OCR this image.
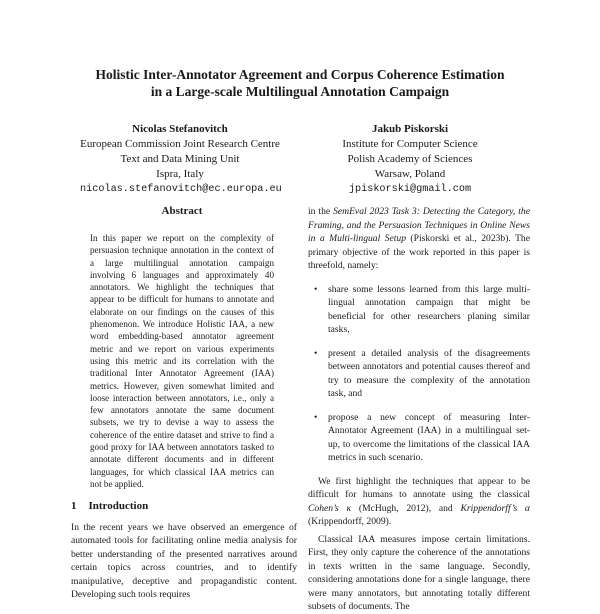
Holistic Inter-Annotator Agreement and Corpus Coherence Estimation
in a Large-scale Multilingual Annotation Campaign
Nicolas Stefanovitch
European Commission Joint Research Centre
Text and Data Mining Unit
Ispra, Italy
nicolas.stefanovitch@ec.europa.eu
Jakub Piskorski
Institute for Computer Science
Polish Academy of Sciences
Warsaw, Poland
jpiskorski@gmail.com
Abstract
In this paper we report on the complexity of persuasion technique annotation in the context of a large multilingual annotation campaign involving 6 languages and approximately 40 annotators. We highlight the techniques that appear to be difficult for humans to annotate and elaborate on our findings on the causes of this phenomenon. We introduce Holistic IAA, a new word embedding-based annotator agreement metric and we report on various experiments using this metric and its correlation with the traditional Inter Annotator Agreement (IAA) metrics. However, given somewhat limited and loose interaction between annotators, i.e., only a few annotators annotate the same document subsets, we try to devise a way to assess the coherence of the entire dataset and strive to find a good proxy for IAA between annotators tasked to annotate different documents and in different languages, for which classical IAA metrics can not be applied.
1 Introduction
In the recent years we have observed an emergence of automated tools for facilitating online media analysis for better understanding of the presented narratives around certain topics across countries, and to identify manipulative, deceptive and propagandistic content. Developing such tools requires

in the SemEval 2023 Task 3: Detecting the Category, the Framing, and the Persuasion Techniques in Online News in a Multi-lingual Setup (Piskorski et al., 2023b). The primary objective of the work reported in this paper is threefold, namely:

• share some lessons learned from this large multi-lingual annotation campaign that might be beneficial for other researchers planing similar tasks,
• present a detailed analysis of the disagreements between annotators and potential causes thereof and try to measure the complexity of the annotation task, and
• propose a new concept of measuring Inter-Annotator Agreement (IAA) in a multilingual set-up, to overcome the limitations of the classical IAA metrics in such scenario.

We first highlight the techniques that appear to be difficult for humans to annotate using the classical Cohen’s κ (McHugh, 2012), and Krippendorff’s α (Krippendorff, 2009).

Classical IAA measures impose certain limitations. First, they only capture the coherence of the annotations in texts written in the same language. Secondly, considering annotations done for a single language, there were many annotators, but annotating totally different subsets of documents. The
